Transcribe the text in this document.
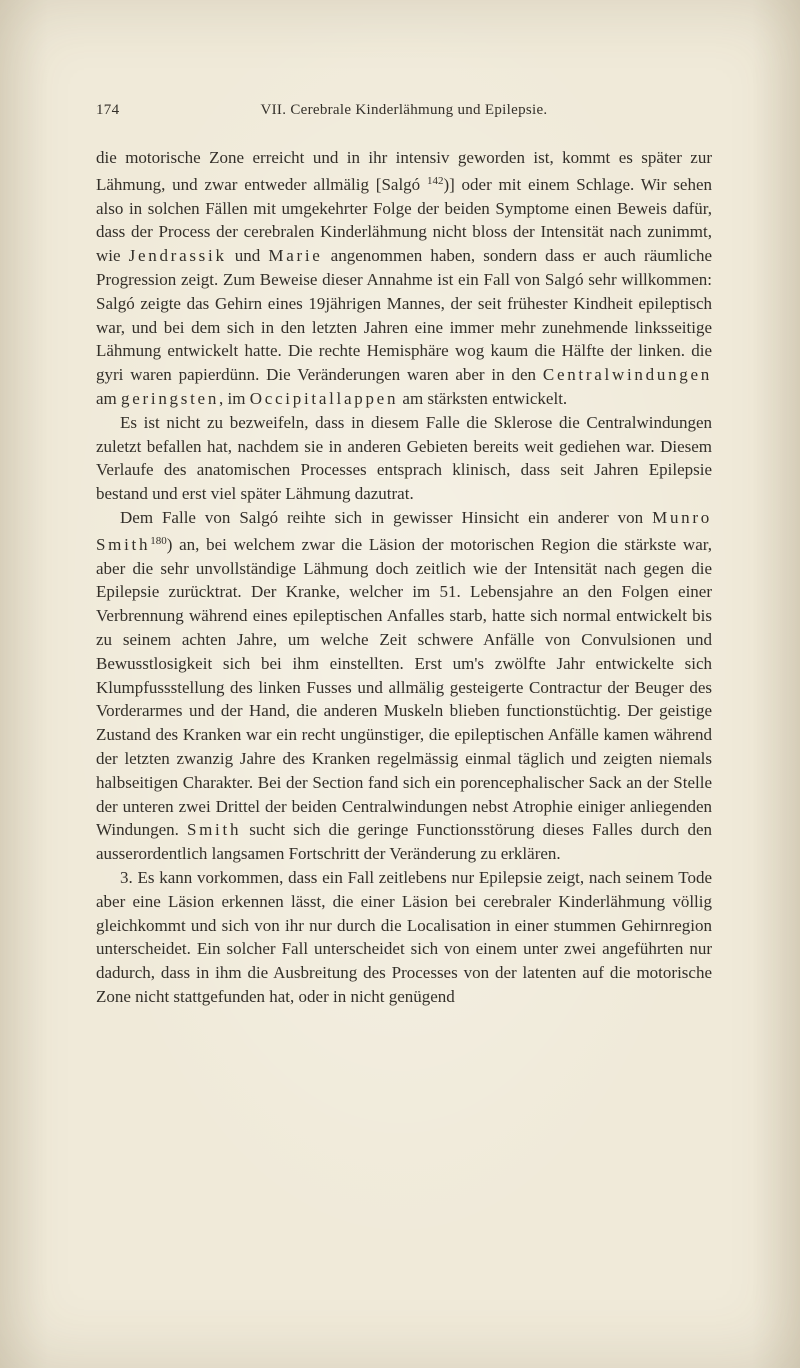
174	VII. Cerebrale Kinderlähmung und Epilepsie.

die motorische Zone erreicht und in ihr intensiv geworden ist, kommt es später zur Lähmung, und zwar entweder allmälig [Salgó $^{142}$)] oder mit einem Schlage. Wir sehen also in solchen Fällen mit umgekehrter Folge der beiden Symptome einen Beweis dafür, dass der Process der cerebralen Kinderlähmung nicht bloss der Intensität nach zunimmt, wie Jendrassik und Marie angenommen haben, sondern dass er auch räumliche Progression zeigt. Zum Beweise dieser Annahme ist ein Fall von Salgó sehr willkommen: Salgó zeigte das Gehirn eines 19jährigen Mannes, der seit frühester Kindheit epileptisch war, und bei dem sich in den letzten Jahren eine immer mehr zunehmende linksseitige Lähmung entwickelt hatte. Die rechte Hemisphäre wog kaum die Hälfte der linken. die gyri waren papierdünn. Die Veränderungen waren aber in den Centralwindungen am geringsten, im Occipitallappen am stärksten entwickelt.

Es ist nicht zu bezweifeln, dass in diesem Falle die Sklerose die Centralwindungen zuletzt befallen hat, nachdem sie in anderen Gebieten bereits weit gediehen war. Diesem Verlaufe des anatomischen Processes entsprach klinisch, dass seit Jahren Epilepsie bestand und erst viel später Lähmung dazutrat.

Dem Falle von Salgó reihte sich in gewisser Hinsicht ein anderer von Munro Smith$^{180}$) an, bei welchem zwar die Läsion der motorischen Region die stärkste war, aber die sehr unvollständige Lähmung doch zeitlich wie der Intensität nach gegen die Epilepsie zurücktrat. Der Kranke, welcher im 51. Lebensjahre an den Folgen einer Verbrennung während eines epileptischen Anfalles starb, hatte sich normal entwickelt bis zu seinem achten Jahre, um welche Zeit schwere Anfälle von Convulsionen und Bewusstlosigkeit sich bei ihm einstellten. Erst um's zwölfte Jahr entwickelte sich Klumpfussstellung des linken Fusses und allmälig gesteigerte Contractur der Beuger des Vorderarmes und der Hand, die anderen Muskeln blieben functionstüchtig. Der geistige Zustand des Kranken war ein recht ungünstiger, die epileptischen Anfälle kamen während der letzten zwanzig Jahre des Kranken regelmässig einmal täglich und zeigten niemals halbseitigen Charakter. Bei der Section fand sich ein porencephalischer Sack an der Stelle der unteren zwei Drittel der beiden Centralwindungen nebst Atrophie einiger anliegenden Windungen. Smith sucht sich die geringe Functionsstörung dieses Falles durch den ausserordentlich langsamen Fortschritt der Veränderung zu erklären.

3. Es kann vorkommen, dass ein Fall zeitlebens nur Epilepsie zeigt, nach seinem Tode aber eine Läsion erkennen lässt, die einer Läsion bei cerebraler Kinderlähmung völlig gleichkommt und sich von ihr nur durch die Localisation in einer stummen Gehirnregion unterscheidet. Ein solcher Fall unterscheidet sich von einem unter zwei angeführten nur dadurch, dass in ihm die Ausbreitung des Processes von der latenten auf die motorische Zone nicht stattgefunden hat, oder in nicht genügend
